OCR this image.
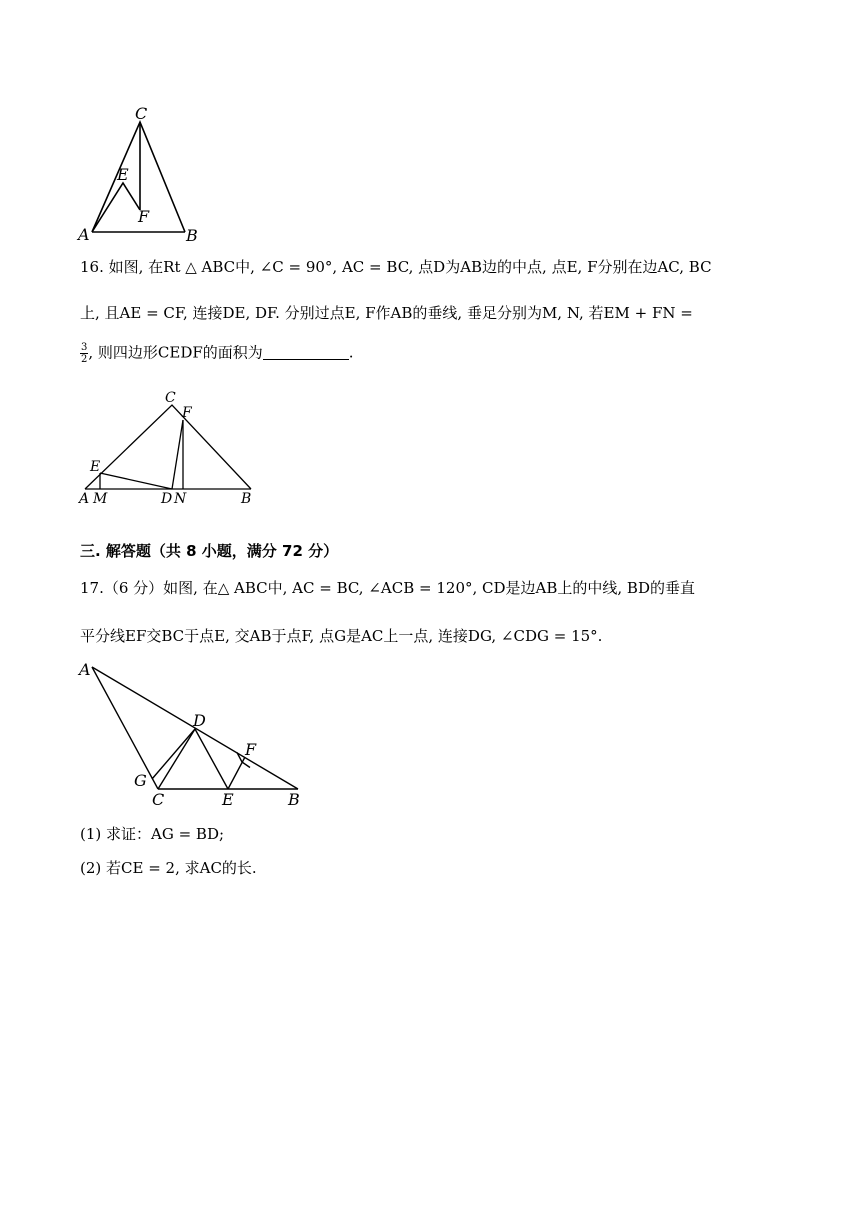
C
E
F
A	B
16. 如图, 在Rt △ ABC中, ∠C = 90°, AC = BC, 点D为AB边的中点, 点E, F分别在边AC, BC
上, 且AE = CF, 连接DE, DF. 分别过点E, F作AB的垂线, 垂足分别为M, N, 若EM + FN =
$\frac{3}{2}$ , 则四边形CEDF的面积为	.
C
F
E
A M	D N	B
三. 解答题（共 8 小题，满分 72 分）
17.（6 分）如图, 在△ ABC中, AC = BC, ∠ACB = 120°, CD是边AB上的中线, BD的垂直
平分线EF交BC于点E, 交AB于点F, 点G是AC上一点, 连接DG, ∠CDG = 15°.
A
D
F
G
C	E	B
(1) 求证：AG = BD;
(2) 若CE = 2, 求AC的长.
